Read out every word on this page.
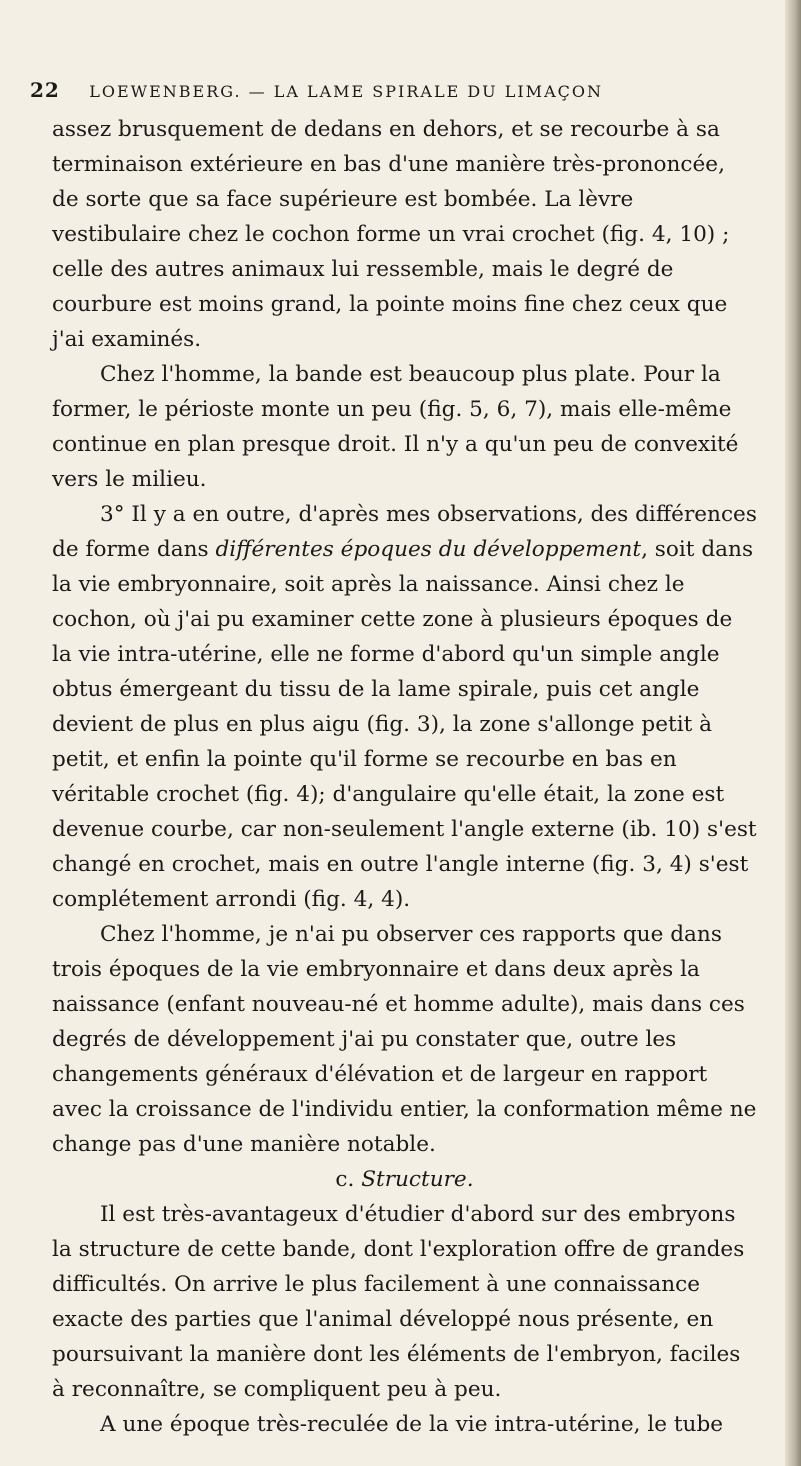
22 LOEWENBERG. — LA LAME SPIRALE DU LIMAÇON

assez brusquement de dedans en dehors, et se recourbe à sa terminaison extérieure en bas d'une manière très-prononcée, de sorte que sa face supérieure est bombée. La lèvre vestibulaire chez le cochon forme un vrai crochet (fig. 4, 10) ; celle des autres animaux lui ressemble, mais le degré de courbure est moins grand, la pointe moins fine chez ceux que j'ai examinés.

Chez l'homme, la bande est beaucoup plus plate. Pour la former, le périoste monte un peu (fig. 5, 6, 7), mais elle-même continue en plan presque droit. Il n'y a qu'un peu de convexité vers le milieu.

3° Il y a en outre, d'après mes observations, des différences de forme dans différentes époques du développement, soit dans la vie embryonnaire, soit après la naissance. Ainsi chez le cochon, où j'ai pu examiner cette zone à plusieurs époques de la vie intra-utérine, elle ne forme d'abord qu'un simple angle obtus émergeant du tissu de la lame spirale, puis cet angle devient de plus en plus aigu (fig. 3), la zone s'allonge petit à petit, et enfin la pointe qu'il forme se recourbe en bas en véritable crochet (fig. 4); d'angulaire qu'elle était, la zone est devenue courbe, car non-seulement l'angle externe (ib. 10) s'est changé en crochet, mais en outre l'angle interne (fig. 3, 4) s'est complétement arrondi (fig. 4, 4).

Chez l'homme, je n'ai pu observer ces rapports que dans trois époques de la vie embryonnaire et dans deux après la naissance (enfant nouveau-né et homme adulte), mais dans ces degrés de développement j'ai pu constater que, outre les changements généraux d'élévation et de largeur en rapport avec la croissance de l'individu entier, la conformation même ne change pas d'une manière notable.

c. Structure.

Il est très-avantageux d'étudier d'abord sur des embryons la structure de cette bande, dont l'exploration offre de grandes difficultés. On arrive le plus facilement à une connaissance exacte des parties que l'animal développé nous présente, en poursuivant la manière dont les éléments de l'embryon, faciles à reconnaître, se compliquent peu à peu.

A une époque très-reculée de la vie intra-utérine, le tube
